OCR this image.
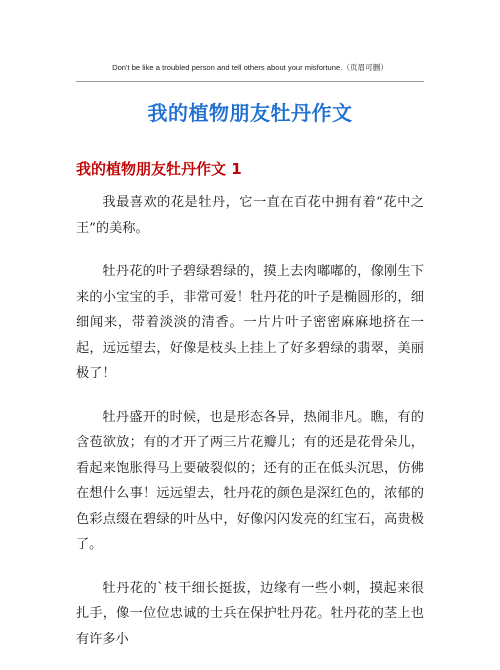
Don't be like a troubled person and tell others about your misfortune.（页眉可删）
我的植物朋友牡丹作文
我的植物朋友牡丹作文 1

我最喜欢的花是牡丹，它一直在百花中拥有着“花中之王”的美称。

牡丹花的叶子碧绿碧绿的，摸上去肉嘟嘟的，像刚生下来的小宝宝的手，非常可爱！牡丹花的叶子是椭圆形的，细细闻来，带着淡淡的清香。一片片叶子密密麻麻地挤在一起，远远望去，好像是枝头上挂上了好多碧绿的翡翠，美丽极了！

牡丹盛开的时候，也是形态各异，热闹非凡。瞧，有的含苞欲放；有的才开了两三片花瓣儿；有的还是花骨朵儿，看起来饱胀得马上要破裂似的；还有的正在低头沉思，仿佛在想什么事！远远望去，牡丹花的颜色是深红色的，浓郁的色彩点缀在碧绿的叶丛中，好像闪闪发亮的红宝石，高贵极了。

牡丹花的`枝干细长挺拔，边缘有一些小刺，摸起来很扎手，像一位位忠诚的士兵在保护牡丹花。牡丹花的茎上也有许多小
